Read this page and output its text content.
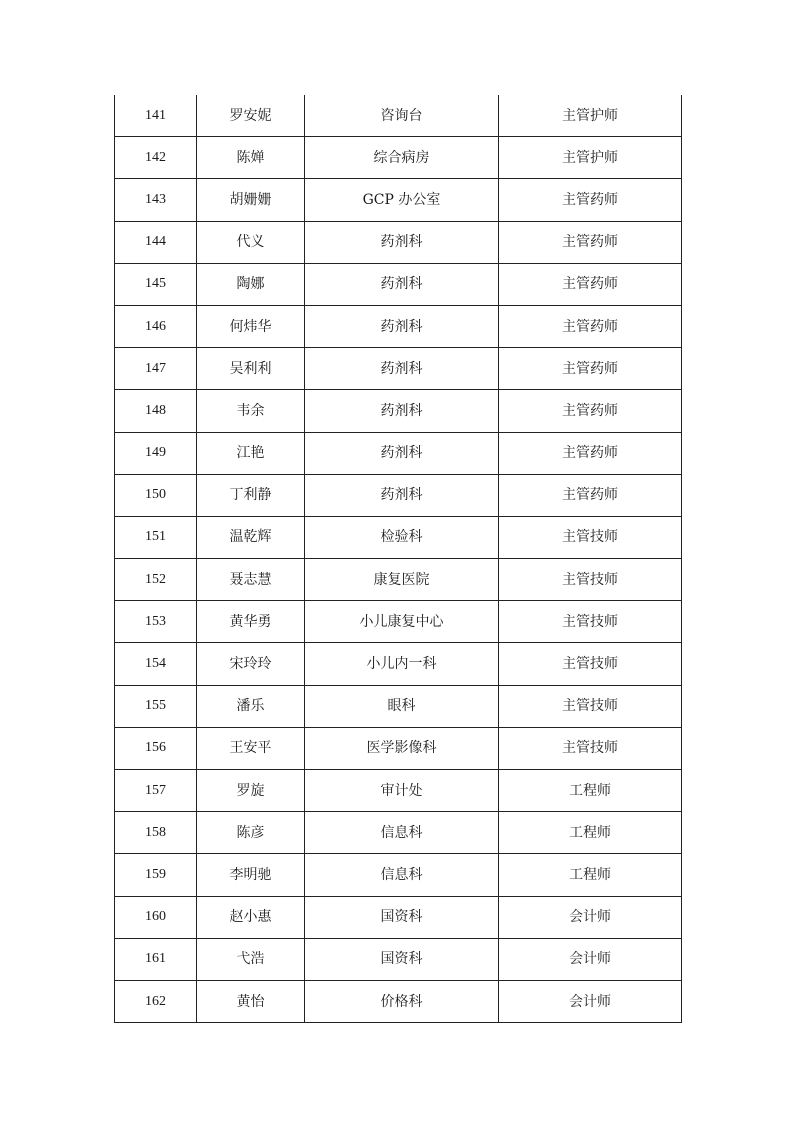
141	罗安妮	咨询台	主管护师
142	陈婵	综合病房	主管护师
143	胡姗姗	GCP 办公室	主管药师
144	代义	药剂科	主管药师
145	陶娜	药剂科	主管药师
146	何炜华	药剂科	主管药师
147	吴利利	药剂科	主管药师
148	韦余	药剂科	主管药师
149	江艳	药剂科	主管药师
150	丁利静	药剂科	主管药师
151	温乾辉	检验科	主管技师
152	聂志慧	康复医院	主管技师
153	黄华勇	小儿康复中心	主管技师
154	宋玲玲	小儿内一科	主管技师
155	潘乐	眼科	主管技师
156	王安平	医学影像科	主管技师
157	罗旋	审计处	工程师
158	陈彦	信息科	工程师
159	李明驰	信息科	工程师
160	赵小惠	国资科	会计师
161	弋浩	国资科	会计师
162	黄怡	价格科	会计师
